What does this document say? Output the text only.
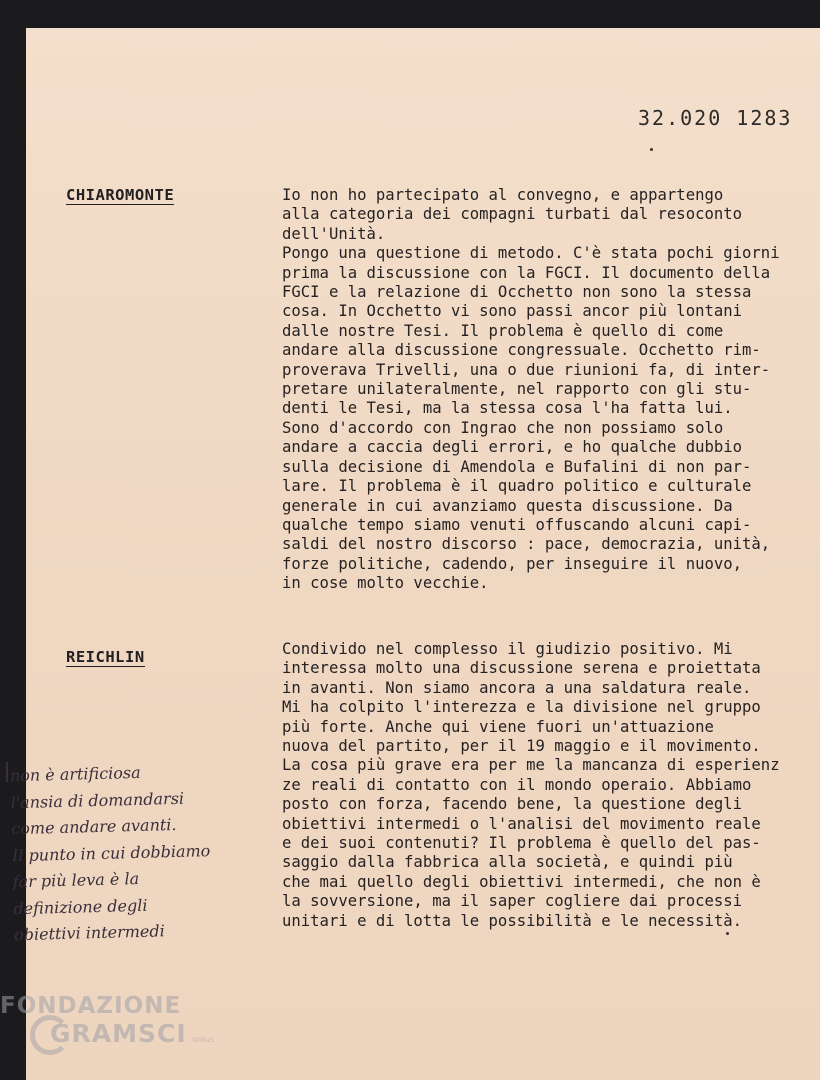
32.020 1283
CHIAROMONTE	Io non ho partecipato al convegno, e appartengo
alla categoria dei compagni turbati dal resoconto
dell'Unità.
Pongo una questione di metodo. C'è stata pochi giorni
prima la discussione con la FGCI. Il documento della
FGCI e la relazione di Occhetto non sono la stessa
cosa. In Occhetto vi sono passi ancor più lontani
dalle nostre Tesi. Il problema è quello di come
andare alla discussione congressuale. Occhetto rim-
proverava Trivelli, una o due riunioni fa, di inter-
pretare unilateralmente, nel rapporto con gli stu-
denti le Tesi, ma la stessa cosa l'ha fatta lui.
Sono d'accordo con Ingrao che non possiamo solo
andare a caccia degli errori, e ho qualche dubbio
sulla decisione di Amendola e Bufalini di non par-
lare. Il problema è il quadro politico e culturale
generale in cui avanziamo questa discussione. Da
qualche tempo siamo venuti offuscando alcuni capi-
saldi del nostro discorso : pace, democrazia, unità,
forze politiche, cadendo, per inseguire il nuovo,
in cose molto vecchie.

REICHLIN	Condivido nel complesso il giudizio positivo. Mi
interessa molto una discussione serena e proiettata
in avanti. Non siamo ancora a una saldatura reale.
Mi ha colpito l'interezza e la divisione nel gruppo
più forte. Anche qui viene fuori un'attuazione
nuova del partito, per il 19 maggio e il movimento.
La cosa più grave era per me la mancanza di esperienz
ze reali di contatto con il mondo operaio. Abbiamo
posto con forza, facendo bene, la questione degli
obiettivi intermedi o l'analisi del movimento reale
e dei suoi contenuti? Il problema è quello del pas-
saggio dalla fabbrica alla società, e quindi più
che mai quello degli obiettivi intermedi, che non è
la sovversione, ma il saper cogliere dai processi
unitari e di lotta le possibilità e le necessità.

non è artificiosa
l'ansia di domandarsi
come andare avanti.
Il punto in cui dobbiamo
far più leva è la
definizione degli
obiettivi intermedi
FONDAZIONE
GRAMSCI onlus
